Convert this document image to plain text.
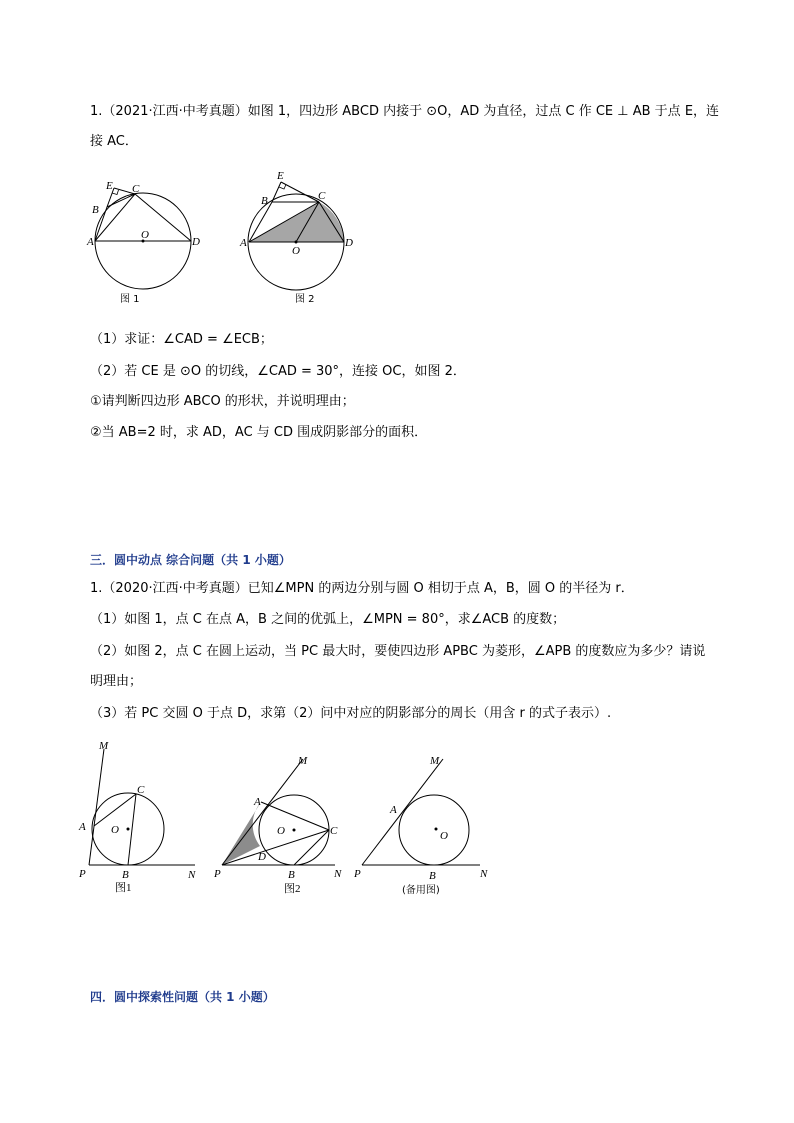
1.（2021·江西·中考真题）如图 1，四边形 ABCD 内接于 ⊙O，AD 为直径，过点 C 作 CE ⊥ AB 于点 E，连
接 AC．
E C
B
A
O
D
图 1
E
C
B
A
O
D
图 2
（1）求证：∠CAD = ∠ECB；
（2）若 CE 是 ⊙O 的切线，∠CAD = 30°，连接 OC，如图 2．
①请判断四边形 ABCO 的形状，并说明理由；
②当 AB=2 时，求 AD，AC 与 CD 围成阴影部分的面积．
三．圆中动点 综合问题（共 1 小题）
1.（2020·江西·中考真题）已知∠MPN 的两边分别与圆 O 相切于点 A，B，圆 O 的半径为 r．
（1）如图 1，点 C 在点 A，B 之间的优弧上，∠MPN = 80°，求∠ACB 的度数；
（2）如图 2，点 C 在圆上运动，当 PC 最大时，要使四边形 APBC 为菱形，∠APB 的度数应为多少？请说
明理由；
（3）若 PC 交圆 O 于点 D，求第（2）问中对应的阴影部分的周长（用含 r 的式子表示）.
M
C
A O
P	B	N
图1
M
A
C
O
D
P	B	N
图2
M
A
O
P	B	N
(备用图)
四．圆中探索性问题（共 1 小题）
